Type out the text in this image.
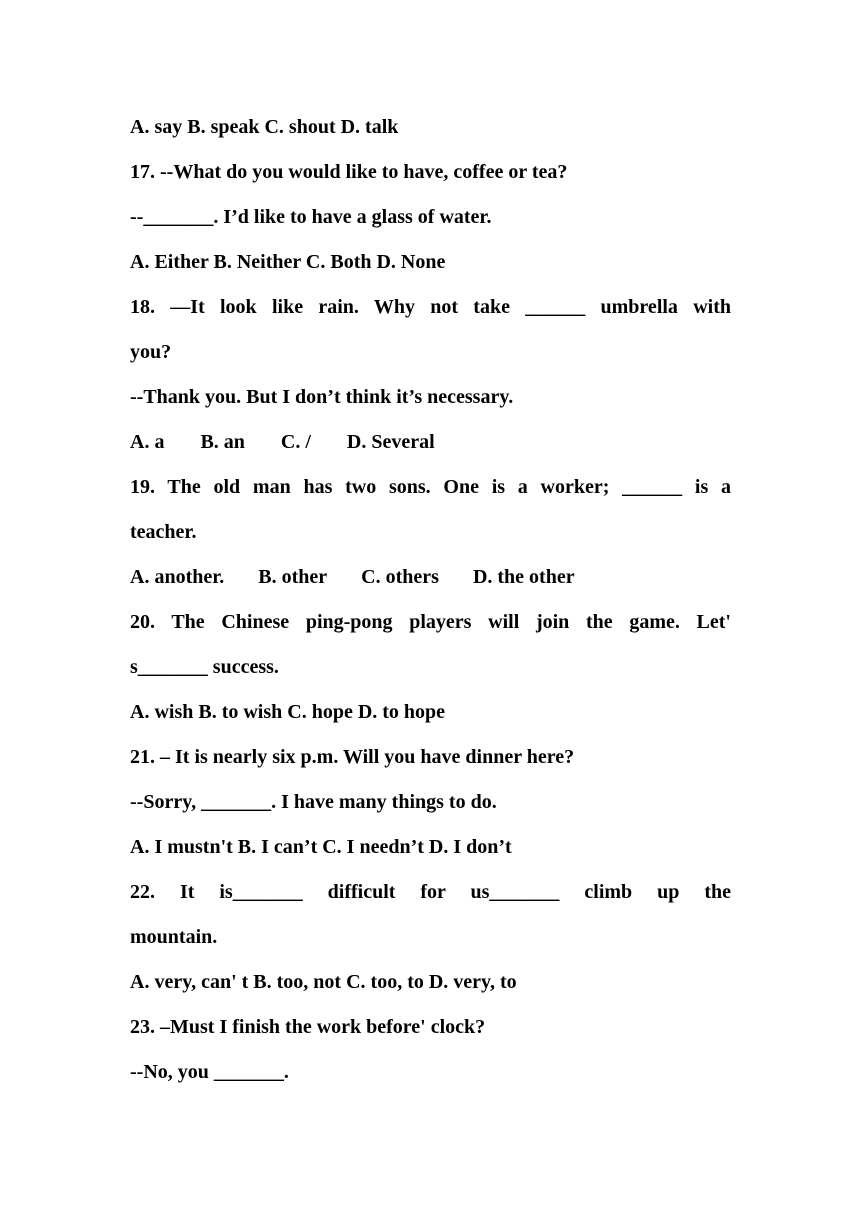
A. say B. speak C. shout D. talk
17. --What do you would like to have, coffee or tea?
--_______. I’d like to have a glass of water.
A. Either B. Neither C. Both D. None
18. —It look like rain. Why not take ______ umbrella with
you?
--Thank you. But I don’t think it’s necessary.
A. a B. an C. / D. Several
19. The old man has two sons. One is a worker; ______ is a
teacher.
A. another. B. other C. others D. the other
20. The Chinese ping-pong players will join the game. Let'
s_______ success.
A. wish B. to wish C. hope D. to hope
21. – It is nearly six p.m. Will you have dinner here?
--Sorry, _______. I have many things to do.
A. I mustn't B. I can’t C. I needn’t D. I don’t
22. It is_______ difficult for us_______ climb up the
mountain.
A. very, can' t B. too, not C. too, to D. very, to
23. –Must I finish the work before' clock?
--No, you _______.
